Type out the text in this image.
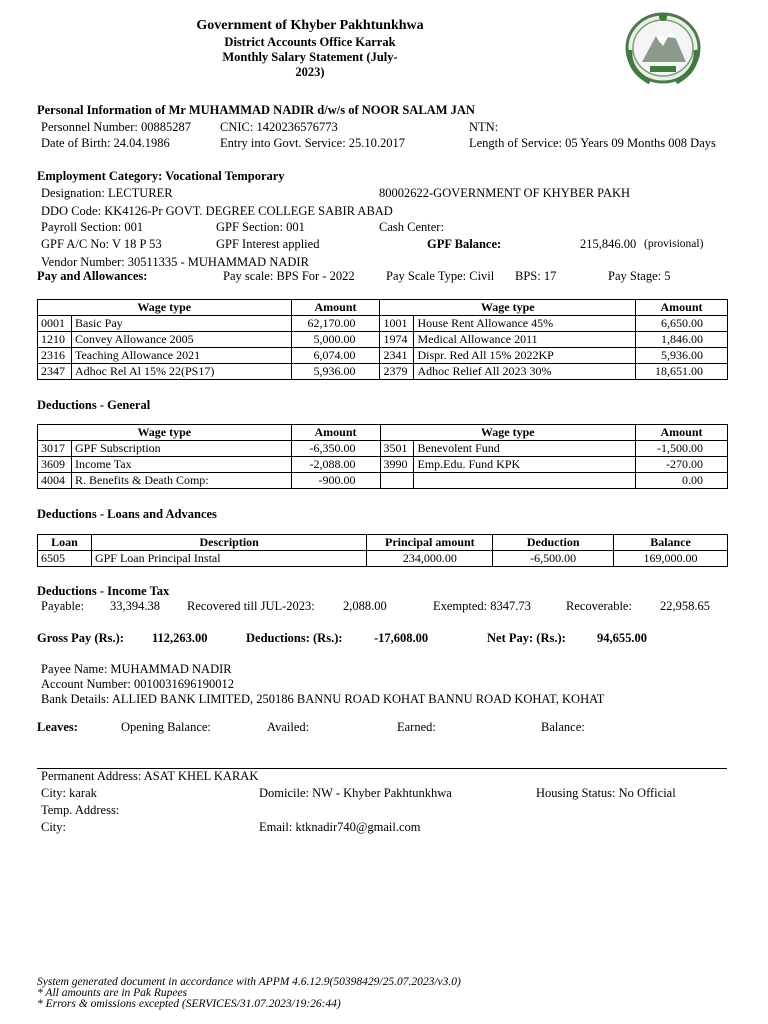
Government of Khyber Pakhtunkhwa
District Accounts Office Karrak
Monthly Salary Statement (July-
2023)
Personal Information of Mr MUHAMMAD NADIR d/w/s of NOOR SALAM JAN
Personnel Number: 00885287 CNIC: 1420236576773	NTN:
Date of Birth: 24.04.1986	Entry into Govt. Service: 25.10.2017	Length of Service: 05 Years 09 Months 008 Days
Employment Category: Vocational Temporary
Designation: LECTURER	80002622-GOVERNMENT OF KHYBER PAKH
DDO Code: KK4126-Pr GOVT. DEGREE COLLEGE SABIR ABAD
Payroll Section: 001	GPF Section: 001	Cash Center:
GPF A/C No: V 18 P 53	GPF Interest applied	GPF Balance:	215,846.00 (provisional)
Vendor Number: 30511335 - MUHAMMAD NADIR
Pay and Allowances:	Pay scale: BPS For - 2022	Pay Scale Type: Civil BPS: 17	Pay Stage: 5
Wage type		Amount	Wage type		Amount
0001	Basic Pay	62,170.00	1001	House Rent Allowance 45%	6,650.00
1210	Convey Allowance 2005	5,000.00	1974	Medical Allowance 2011	1,846.00
2316	Teaching Allowance 2021	6,074.00	2341	Dispr. Red All 15% 2022KP	5,936.00
2347	Adhoc Rel Al 15% 22(PS17)	5,936.00	2379	Adhoc Relief All 2023 30%	18,651.00
Deductions - General
Wage type		Amount	Wage type		Amount
3017	GPF Subscription	-6,350.00	3501	Benevolent Fund	-1,500.00
3609	Income Tax	-2,088.00	3990	Emp.Edu. Fund KPK	-270.00
4004	R. Benefits & Death Comp:	-900.00			0.00
Deductions - Loans and Advances
Loan	Description	Principal amount	Deduction	Balance
6505	GPF Loan Principal Instal	234,000.00	-6,500.00	169,000.00
Deductions - Income Tax
Payable: 33,394.38 Recovered till JUL-2023: 2,088.00	Exempted: 8347.73	Recoverable: 22,958.65
Gross Pay (Rs.): 112,263.00	Deductions: (Rs.):	-17,608.00	Net Pay: (Rs.): 94,655.00
Payee Name: MUHAMMAD NADIR
Account Number: 0010031696190012
Bank Details: ALLIED BANK LIMITED, 250186 BANNU ROAD KOHAT BANNU ROAD KOHAT, KOHAT
Leaves:	Opening Balance:	Availed:	Earned:	Balance:
Permanent Address: ASAT KHEL KARAK
City: karak	Domicile: NW - Khyber Pakhtunkhwa	Housing Status: No Official
Temp. Address:
City:	Email: ktknadir740@gmail.com
System generated document in accordance with APPM 4.6.12.9(50398429/25.07.2023/v3.0)
* All amounts are in Pak Rupees
* Errors & omissions excepted (SERVICES/31.07.2023/19:26:44)
